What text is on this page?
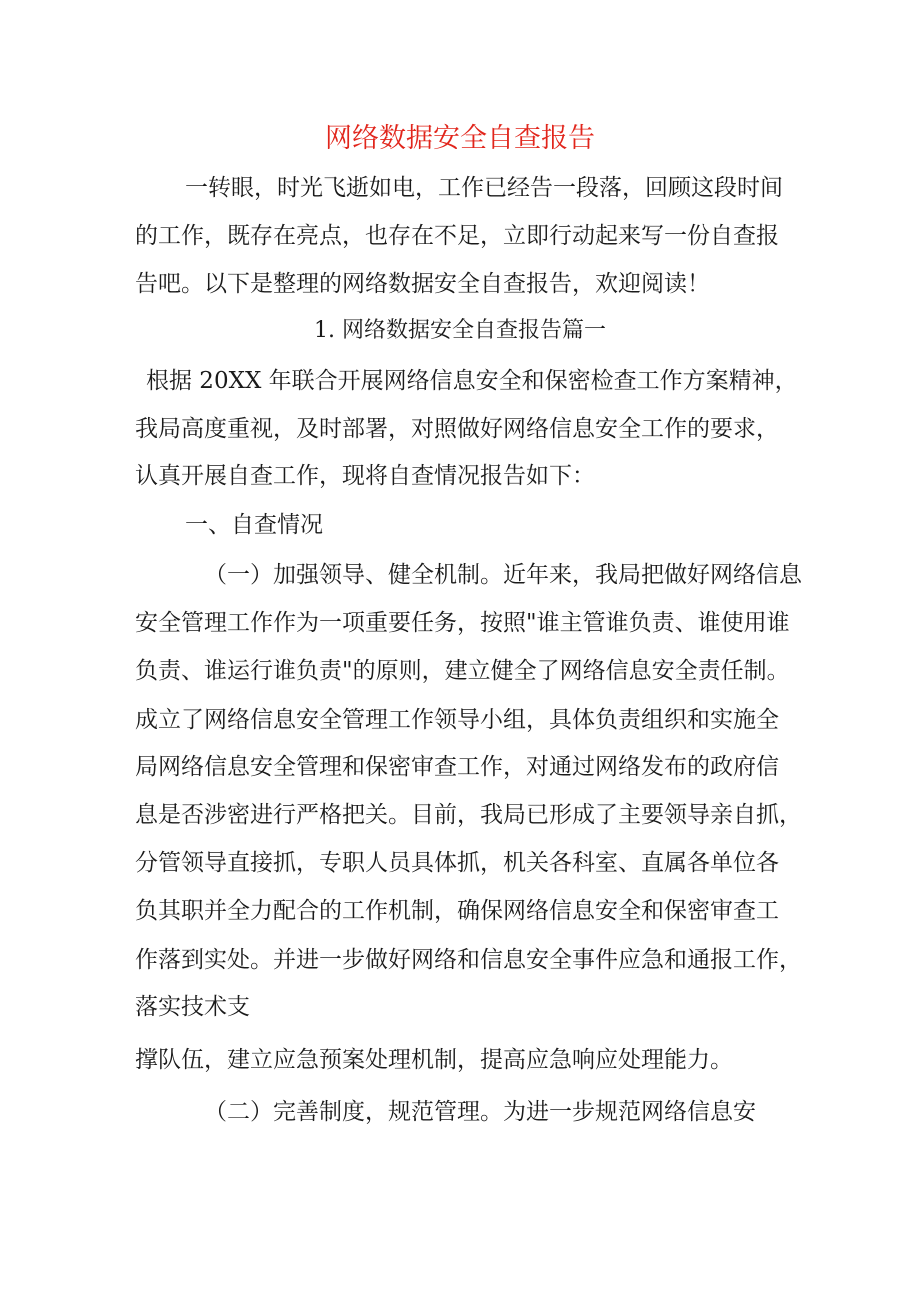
网络数据安全自查报告
一转眼，时光飞逝如电，工作已经告一段落，回顾这段时间
的工作，既存在亮点，也存在不足，立即行动起来写一份自查报
告吧。以下是整理的网络数据安全自查报告，欢迎阅读！
1. 网络数据安全自查报告篇一
根据 20XX 年联合开展网络信息安全和保密检查工作方案精神，
我局高度重视，及时部署，对照做好网络信息安全工作的要求，
认真开展自查工作，现将自查情况报告如下：
一、自查情况
（一）加强领导、健全机制。近年来，我局把做好网络信息
安全管理工作作为一项重要任务，按照"谁主管谁负责、谁使用谁
负责、谁运行谁负责"的原则，建立健全了网络信息安全责任制。
成立了网络信息安全管理工作领导小组，具体负责组织和实施全
局网络信息安全管理和保密审查工作，对通过网络发布的政府信
息是否涉密进行严格把关。目前，我局已形成了主要领导亲自抓，
分管领导直接抓，专职人员具体抓，机关各科室、直属各单位各
负其职并全力配合的工作机制，确保网络信息安全和保密审查工
作落到实处。并进一步做好网络和信息安全事件应急和通报工作，
落实技术支
撑队伍，建立应急预案处理机制，提高应急响应处理能力。
（二）完善制度，规范管理。为进一步规范网络信息安
